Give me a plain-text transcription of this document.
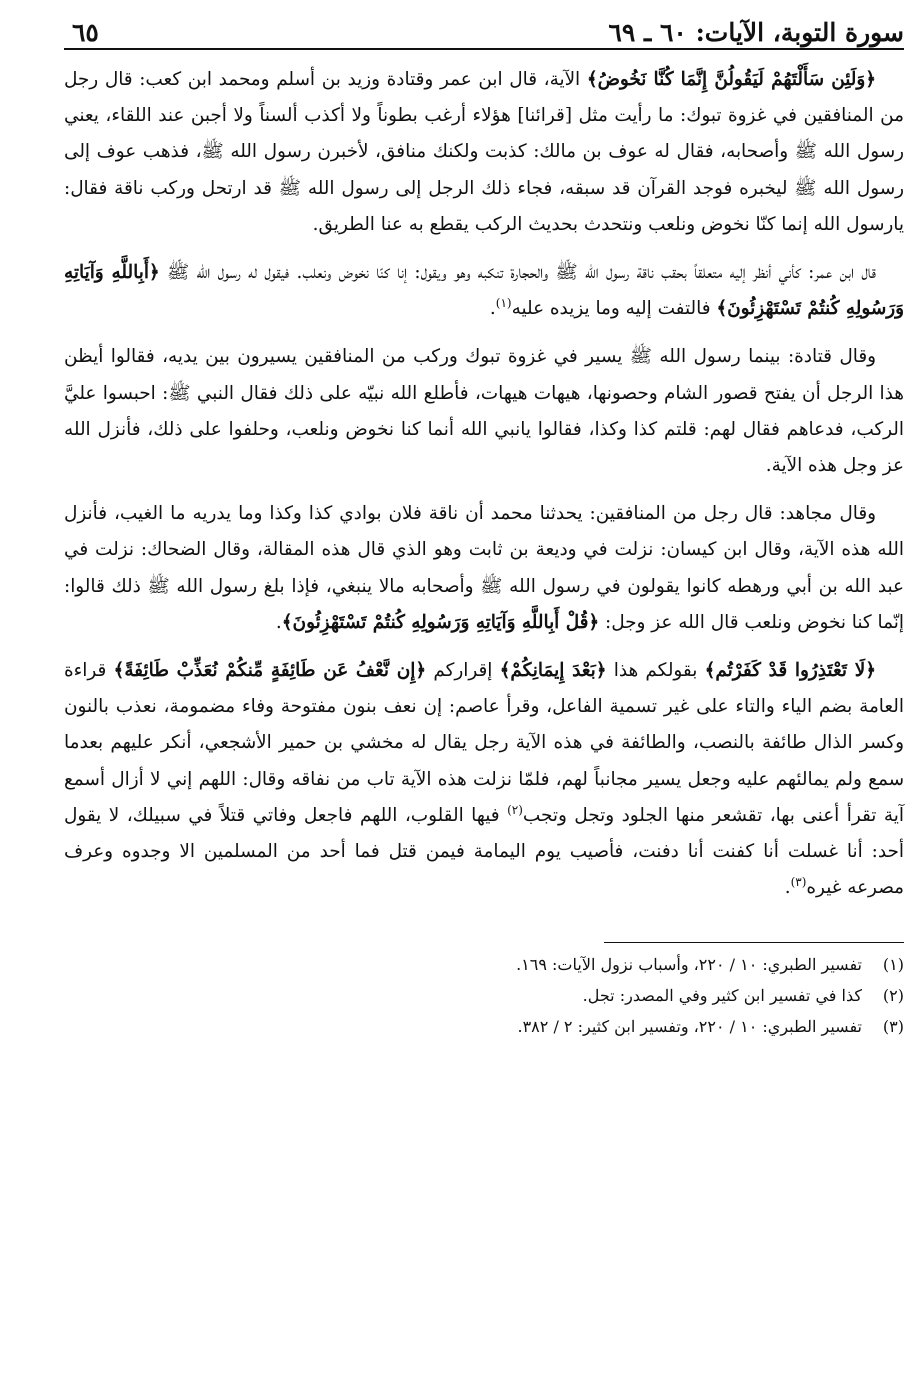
سورة التوبة، الآيات: ٦٠ ـ ٦٩
٦٥

﴿وَلَئِن سَأَلْتَهُمْ لَيَقُولُنَّ إِنَّمَا كُنَّا نَخُوضُ﴾ الآية، قال ابن عمر وقتادة وزيد بن أسلم ومحمد ابن كعب: قال رجل من المنافقين في غزوة تبوك: ما رأيت مثل [قرائنا] هؤلاء أرغب بطوناً ولا أكذب ألسناً ولا أجبن عند اللقاء، يعني رسول الله ﷺ وأصحابه، فقال له عوف بن مالك: كذبت ولكنك منافق، لأخبرن رسول الله ﷺ، فذهب عوف إلى رسول الله ﷺ ليخبره فوجد القرآن قد سبقه، فجاء ذلك الرجل إلى رسول الله ﷺ قد ارتحل وركب ناقة فقال: يارسول الله إنما كنّا نخوض ونلعب ونتحدث بحديث الركب يقطع به عنا الطريق.

قال ابن عمر: كأني أنظر إليه متعلقاً بحقب ناقة رسول الله ﷺ والحجارة تنكبه وهو ويقول: إنا كنّا نخوض ونعلب. فيقول له رسول الله ﷺ ﴿أَبِاللَّهِ وَآيَاتِهِ وَرَسُولِهِ كُنتُمْ تَسْتَهْزِئُونَ﴾ فالتفت إليه وما يزيده عليه$^{(١)}$.

وقال قتادة: بينما رسول الله ﷺ يسير في غزوة تبوك وركب من المنافقين يسيرون بين يديه، فقالوا أيظن هذا الرجل أن يفتح قصور الشام وحصونها، هيهات هيهات، فأطلع الله نبيّه على ذلك فقال النبي ﷺ: احبسوا عليَّ الركب، فدعاهم فقال لهم: قلتم كذا وكذا، فقالوا يانبي الله أنما كنا نخوض ونلعب، وحلفوا على ذلك، فأنزل الله عز وجل هذه الآية.

وقال مجاهد: قال رجل من المنافقين: يحدثنا محمد أن ناقة فلان بوادي كذا وكذا وما يدريه ما الغيب، فأنزل الله هذه الآية، وقال ابن كيسان: نزلت في وديعة بن ثابت وهو الذي قال هذه المقالة، وقال الضحاك: نزلت في عبد الله بن أبي ورهطه كانوا يقولون في رسول الله ﷺ وأصحابه مالا ينبغي، فإذا بلغ رسول الله ﷺ ذلك قالوا: إنّما كنا نخوض ونلعب قال الله عز وجل: ﴿قُلْ أَبِاللَّهِ وَآيَاتِهِ وَرَسُولِهِ كُنتُمْ تَسْتَهْزِئُونَ﴾.

﴿لَا تَعْتَذِرُوا قَدْ كَفَرْتُم﴾ بقولكم هذا ﴿بَعْدَ إِيمَانِكُمْ﴾ إقراركم ﴿إِن نَّعْفُ عَن طَائِفَةٍ مِّنكُمْ نُعَذِّبْ طَائِفَةً﴾ قراءة العامة بضم الياء والتاء على غير تسمية الفاعل، وقرأ عاصم: إن نعف بنون مفتوحة وفاء مضمومة، نعذب بالنون وكسر الذال طائفة بالنصب، والطائفة في هذه الآية رجل يقال له مخشي بن حمير الأشجعي، أنكر عليهم بعدما سمع ولم يمالئهم عليه وجعل يسير مجانباً لهم، فلمّا نزلت هذه الآية تاب من نفاقه وقال: اللهم إني لا أزال أسمع آية تقرأ أعنى بها، تقشعر منها الجلود وتجل وتجب$^{(٢)}$ فيها القلوب، اللهم فاجعل وفاتي قتلاً في سبيلك، لا يقول أحد: أنا غسلت أنا كفنت أنا دفنت، فأصيب يوم اليمامة فيمن قتل فما أحد من المسلمين الا وجدوه وعرف مصرعه غيره$^{(٣)}$.

(١)تفسير الطبري: ١٠ / ٢٢٠، وأسباب نزول الآيات: ١٦٩.

(٢)كذا في تفسير ابن كثير وفي المصدر: تجل.

(٣)تفسير الطبري: ١٠ / ٢٢٠، وتفسير ابن كثير: ٢ / ٣٨٢.
